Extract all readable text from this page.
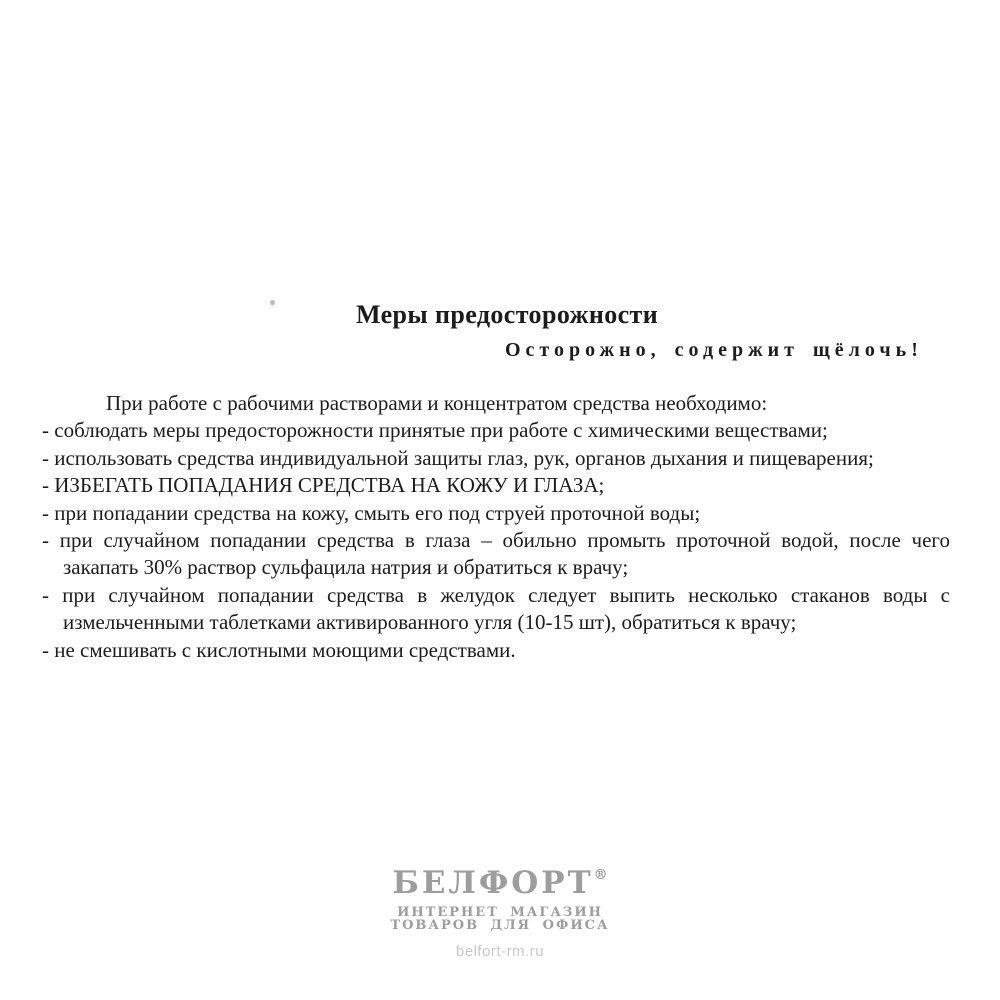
Меры предосторожности
Осторожно, содержит щёлочь!
При работе с рабочими растворами и концентратом средства необходимо:
- соблюдать меры предосторожности принятые при работе с химическими веществами;
- использовать средства индивидуальной защиты глаз, рук, органов дыхания и пищеварения;
- ИЗБЕГАТЬ ПОПАДАНИЯ СРЕДСТВА НА КОЖУ И ГЛАЗА;
- при попадании средства на кожу, смыть его под струей проточной воды;
- при случайном попадании средства в глаза – обильно промыть проточной водой, после чего
закапать 30% раствор сульфацила натрия и обратиться к врачу;
- при случайном попадании средства в желудок следует выпить несколько стаканов воды с
измельченными таблетками активированного угля (10-15 шт), обратиться к врачу;
- не смешивать с кислотными моющими средствами.
БЕЛФОРТ®
ИНТЕРНЕТ МАГАЗИН
ТОВАРОВ ДЛЯ ОФИСА
belfort-rm.ru
